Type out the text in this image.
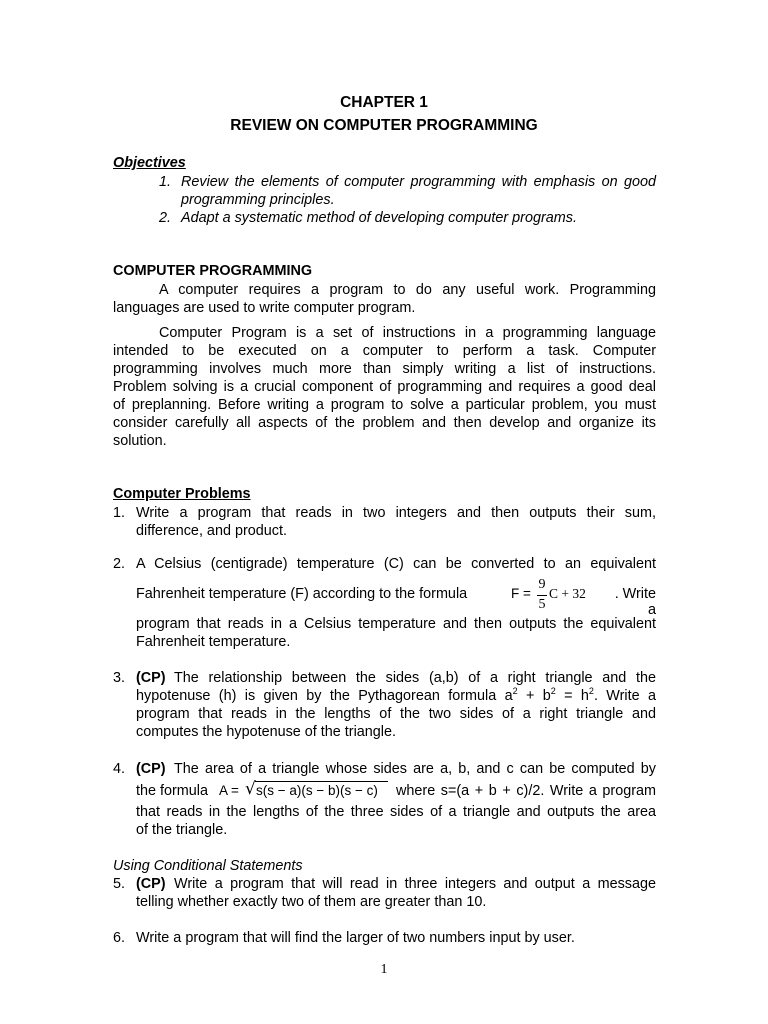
CHAPTER 1
REVIEW ON COMPUTER PROGRAMMING
Objectives
1. Review the elements of computer programming with emphasis on good
programming principles.
2. Adapt a systematic method of developing computer programs.
COMPUTER PROGRAMMING
A computer requires a program to do any useful work. Programming
languages are used to write computer program.
Computer Program is a set of instructions in a programming language
intended to be executed on a computer to perform a task. Computer
programming involves much more than simply writing a list of instructions.
Problem solving is a crucial component of programming and requires a good deal
of preplanning. Before writing a program to solve a particular problem, you must
consider carefully all aspects of the problem and then develop and organize its
solution.
Computer Problems
1. Write a program that reads in two integers and then outputs their sum,
difference, and product.
2. A Celsius (centigrade) temperature (C) can be converted to an equivalent
Fahrenheit temperature (F) according to the formula	F =
9
5
C + 32	. Write a
program that reads in a Celsius temperature and then outputs the equivalent
Fahrenheit temperature.
3. (CP) The relationship between the sides (a,b) of a right triangle and the
hypotenuse (h) is given by the Pythagorean formula $a^2 + b^2 = h^2$. Write a
program that reads in the lengths of the two sides of a right triangle and
computes the hypotenuse of the triangle.
4. (CP) The area of a triangle whose sides are a, b, and c can be computed by
the formula A = √ s(s − a)(s − b)(s − c)	where s=(a + b + c)/2. Write a program
that reads in the lengths of the three sides of a triangle and outputs the area
of the triangle.
Using Conditional Statements
5. (CP) Write a program that will read in three integers and output a message
telling whether exactly two of them are greater than 10.
6. Write a program that will find the larger of two numbers input by user.
1
